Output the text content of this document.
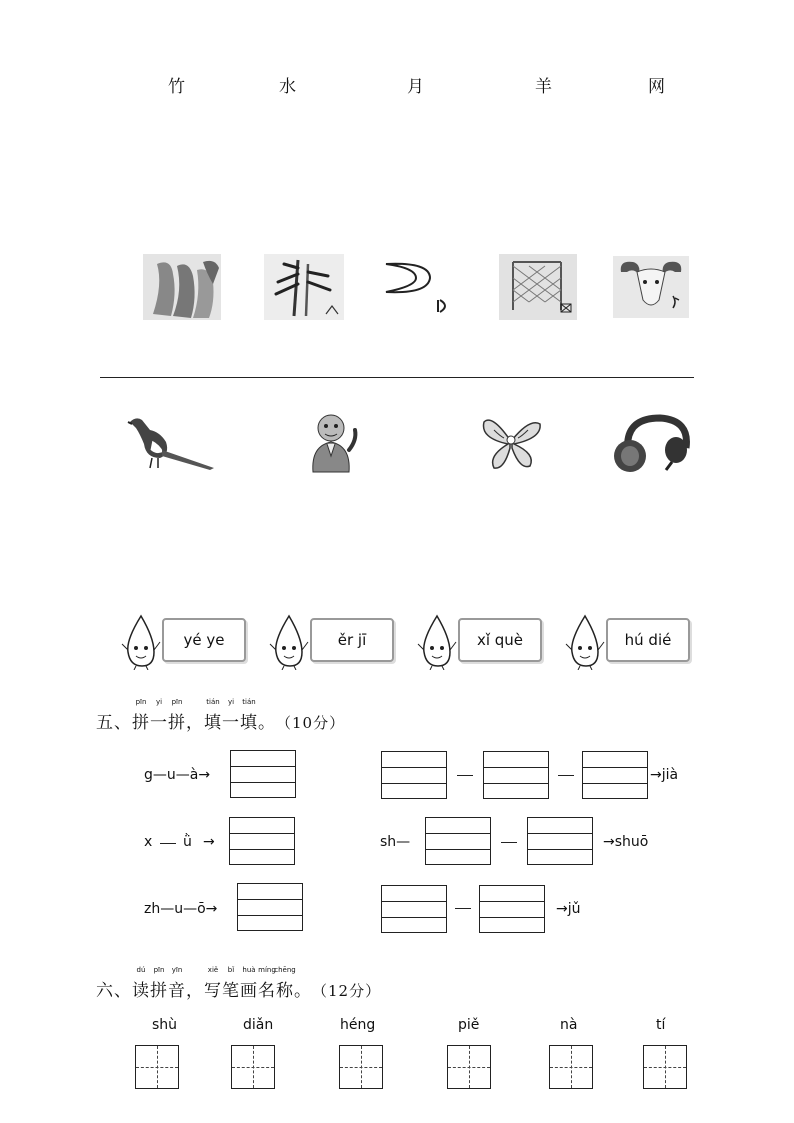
竹	水	月	羊	网
yé ye	ěr jī	xǐ què	hú dié
五、
pīn
拼
yi
一
pīn
拼
，
tián
填
yi
一
tián
填
。（10分）
g—u—à→	→jià
x ǜ →	sh—	→shuō
zh—u—ō→	→jǔ
六、
dú
读
pīn
拼
yīn
音
，
xiě
写
bǐ
笔
huà
画
míng
名
chēng
称
。（12分）
shù	diǎn	héng	piě	nà	tí
